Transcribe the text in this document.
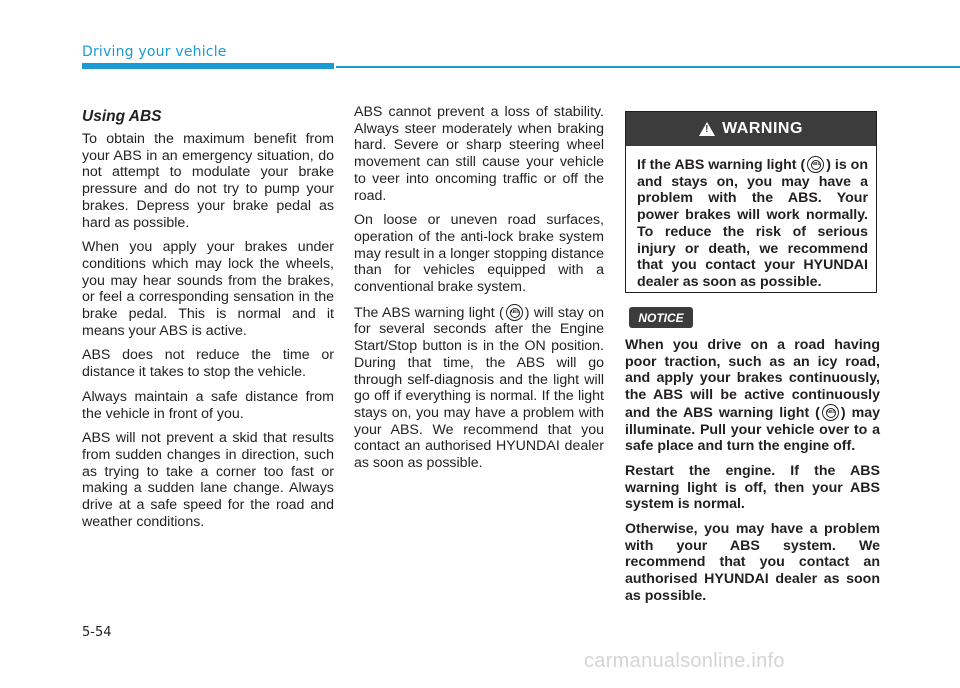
Driving your vehicle
Using ABS

To obtain the maximum benefit from your ABS in an emergency situation, do not attempt to modulate your brake pressure and do not try to pump your brakes. Depress your brake pedal as hard as possible.

When you apply your brakes under conditions which may lock the wheels, you may hear sounds from the brakes, or feel a corresponding sensation in the brake pedal. This is normal and it means your ABS is active.

ABS does not reduce the time or distance it takes to stop the vehicle.

Always maintain a safe distance from the vehicle in front of you.

ABS will not prevent a skid that results from sudden changes in direction, such as trying to take a corner too fast or making a sudden lane change. Always drive at a safe speed for the road and weather conditions.

ABS cannot prevent a loss of stability. Always steer moderately when braking hard. Severe or sharp steering wheel movement can still cause your vehicle to veer into oncoming traffic or off the road.

On loose or uneven road surfaces, operation of the anti-lock brake system may result in a longer stopping distance than for vehicles equipped with a conventional brake system.

The ABS warning light ( ABS ) will stay on for several seconds after the Engine Start/Stop button is in the ON position. During that time, the ABS will go through self-diagnosis and the light will go off if everything is normal. If the light stays on, you may have a problem with your ABS. We recommend that you contact an authorised HYUNDAI dealer as soon as possible.

!
WARNING
If the ABS warning light ( ABS ) is on and stays on, you may have a problem with the ABS. Your power brakes will work normally. To reduce the risk of serious injury or death, we recommend that you contact your HYUNDAI dealer as soon as possible.
NOTICE

When you drive on a road having poor traction, such as an icy road, and apply your brakes continuously, the ABS will be active continuously and the ABS warning light ( ABS ) may illuminate. Pull your vehicle over to a safe place and turn the engine off.

Restart the engine. If the ABS warning light is off, then your ABS system is normal.

Otherwise, you may have a problem with your ABS system. We recommend that you contact an authorised HYUNDAI dealer as soon as possible.

5-54
carmanualsonline.info
